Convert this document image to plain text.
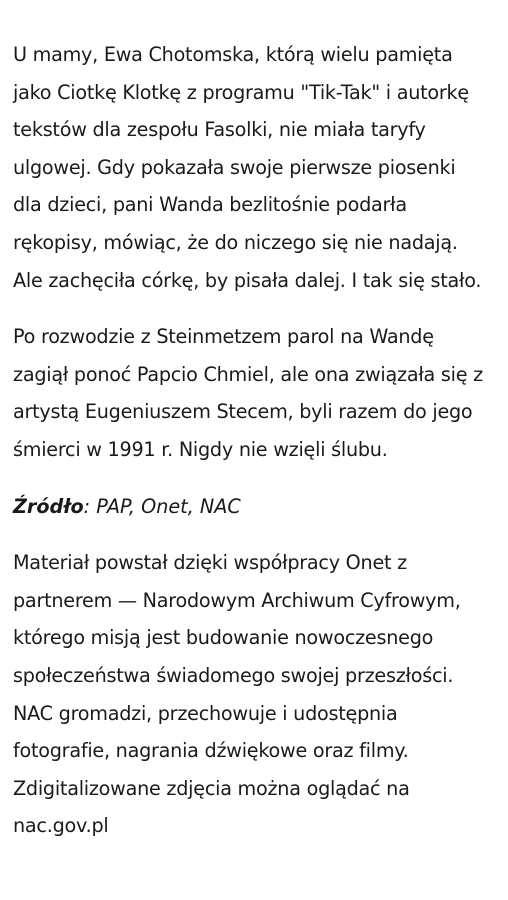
U mamy, Ewa Chotomska, którą wielu pamięta
jako Ciotkę Klotkę z programu "Tik-Tak" i autorkę
tekstów dla zespołu Fasolki, nie miała taryfy
ulgowej. Gdy pokazała swoje pierwsze piosenki
dla dzieci, pani Wanda bezlitośnie podarła
rękopisy, mówiąc, że do niczego się nie nadają.
Ale zachęciła córkę, by pisała dalej. I tak się stało.

Po rozwodzie z Steinmetzem parol na Wandę
zagiął ponoć Papcio Chmiel, ale ona związała się z
artystą Eugeniuszem Stecem, byli razem do jego
śmierci w 1991 r. Nigdy nie wzięli ślubu.

Źródło: PAP, Onet, NAC

Materiał powstał dzięki współpracy Onet z
partnerem — Narodowym Archiwum Cyfrowym,
którego misją jest budowanie nowoczesnego
społeczeństwa świadomego swojej przeszłości.
NAC gromadzi, przechowuje i udostępnia
fotografie, nagrania dźwiękowe oraz filmy.
Zdigitalizowane zdjęcia można oglądać na
nac.gov.pl
